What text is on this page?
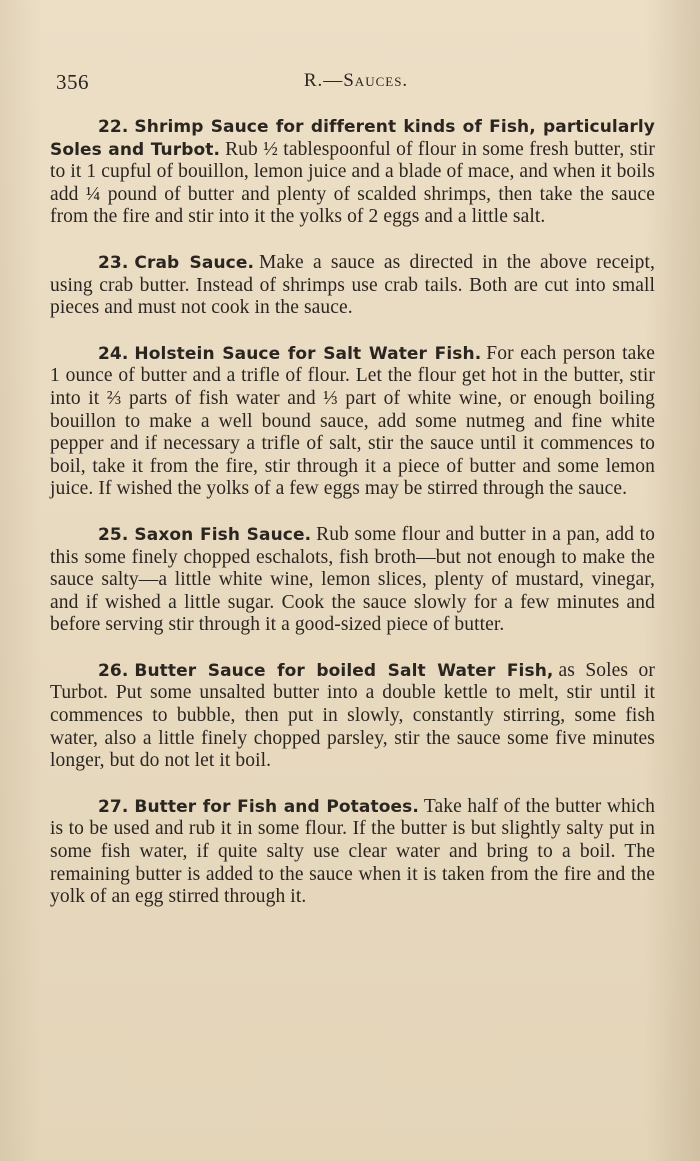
356	R.—Sauces.

22. Shrimp Sauce for different kinds of Fish, particularly Soles and Turbot. Rub ½ tablespoonful of flour in some fresh butter, stir to it 1 cupful of bouillon, lemon juice and a blade of mace, and when it boils add ¼ pound of butter and plenty of scalded shrimps, then take the sauce from the fire and stir into it the yolks of 2 eggs and a little salt.

23. Crab Sauce. Make a sauce as directed in the above receipt, using crab butter. Instead of shrimps use crab tails. Both are cut into small pieces and must not cook in the sauce.

24. Holstein Sauce for Salt Water Fish. For each person take 1 ounce of butter and a trifle of flour. Let the flour get hot in the butter, stir into it ⅔ parts of fish water and ⅓ part of white wine, or enough boiling bouillon to make a well bound sauce, add some nutmeg and fine white pepper and if necessary a trifle of salt, stir the sauce until it commences to boil, take it from the fire, stir through it a piece of butter and some lemon juice. If wished the yolks of a few eggs may be stirred through the sauce.

25. Saxon Fish Sauce. Rub some flour and butter in a pan, add to this some finely chopped eschalots, fish broth—but not enough to make the sauce salty—a little white wine, lemon slices, plenty of mustard, vinegar, and if wished a little sugar. Cook the sauce slowly for a few minutes and before serving stir through it a good-sized piece of butter.

26. Butter Sauce for boiled Salt Water Fish, as Soles or Turbot. Put some unsalted butter into a double kettle to melt, stir until it commences to bubble, then put in slowly, constantly stirring, some fish water, also a little finely chopped parsley, stir the sauce some five minutes longer, but do not let it boil.

27. Butter for Fish and Potatoes. Take half of the butter which is to be used and rub it in some flour. If the butter is but slightly salty put in some fish water, if quite salty use clear water and bring to a boil. The remaining butter is added to the sauce when it is taken from the fire and the yolk of an egg stirred through it.
